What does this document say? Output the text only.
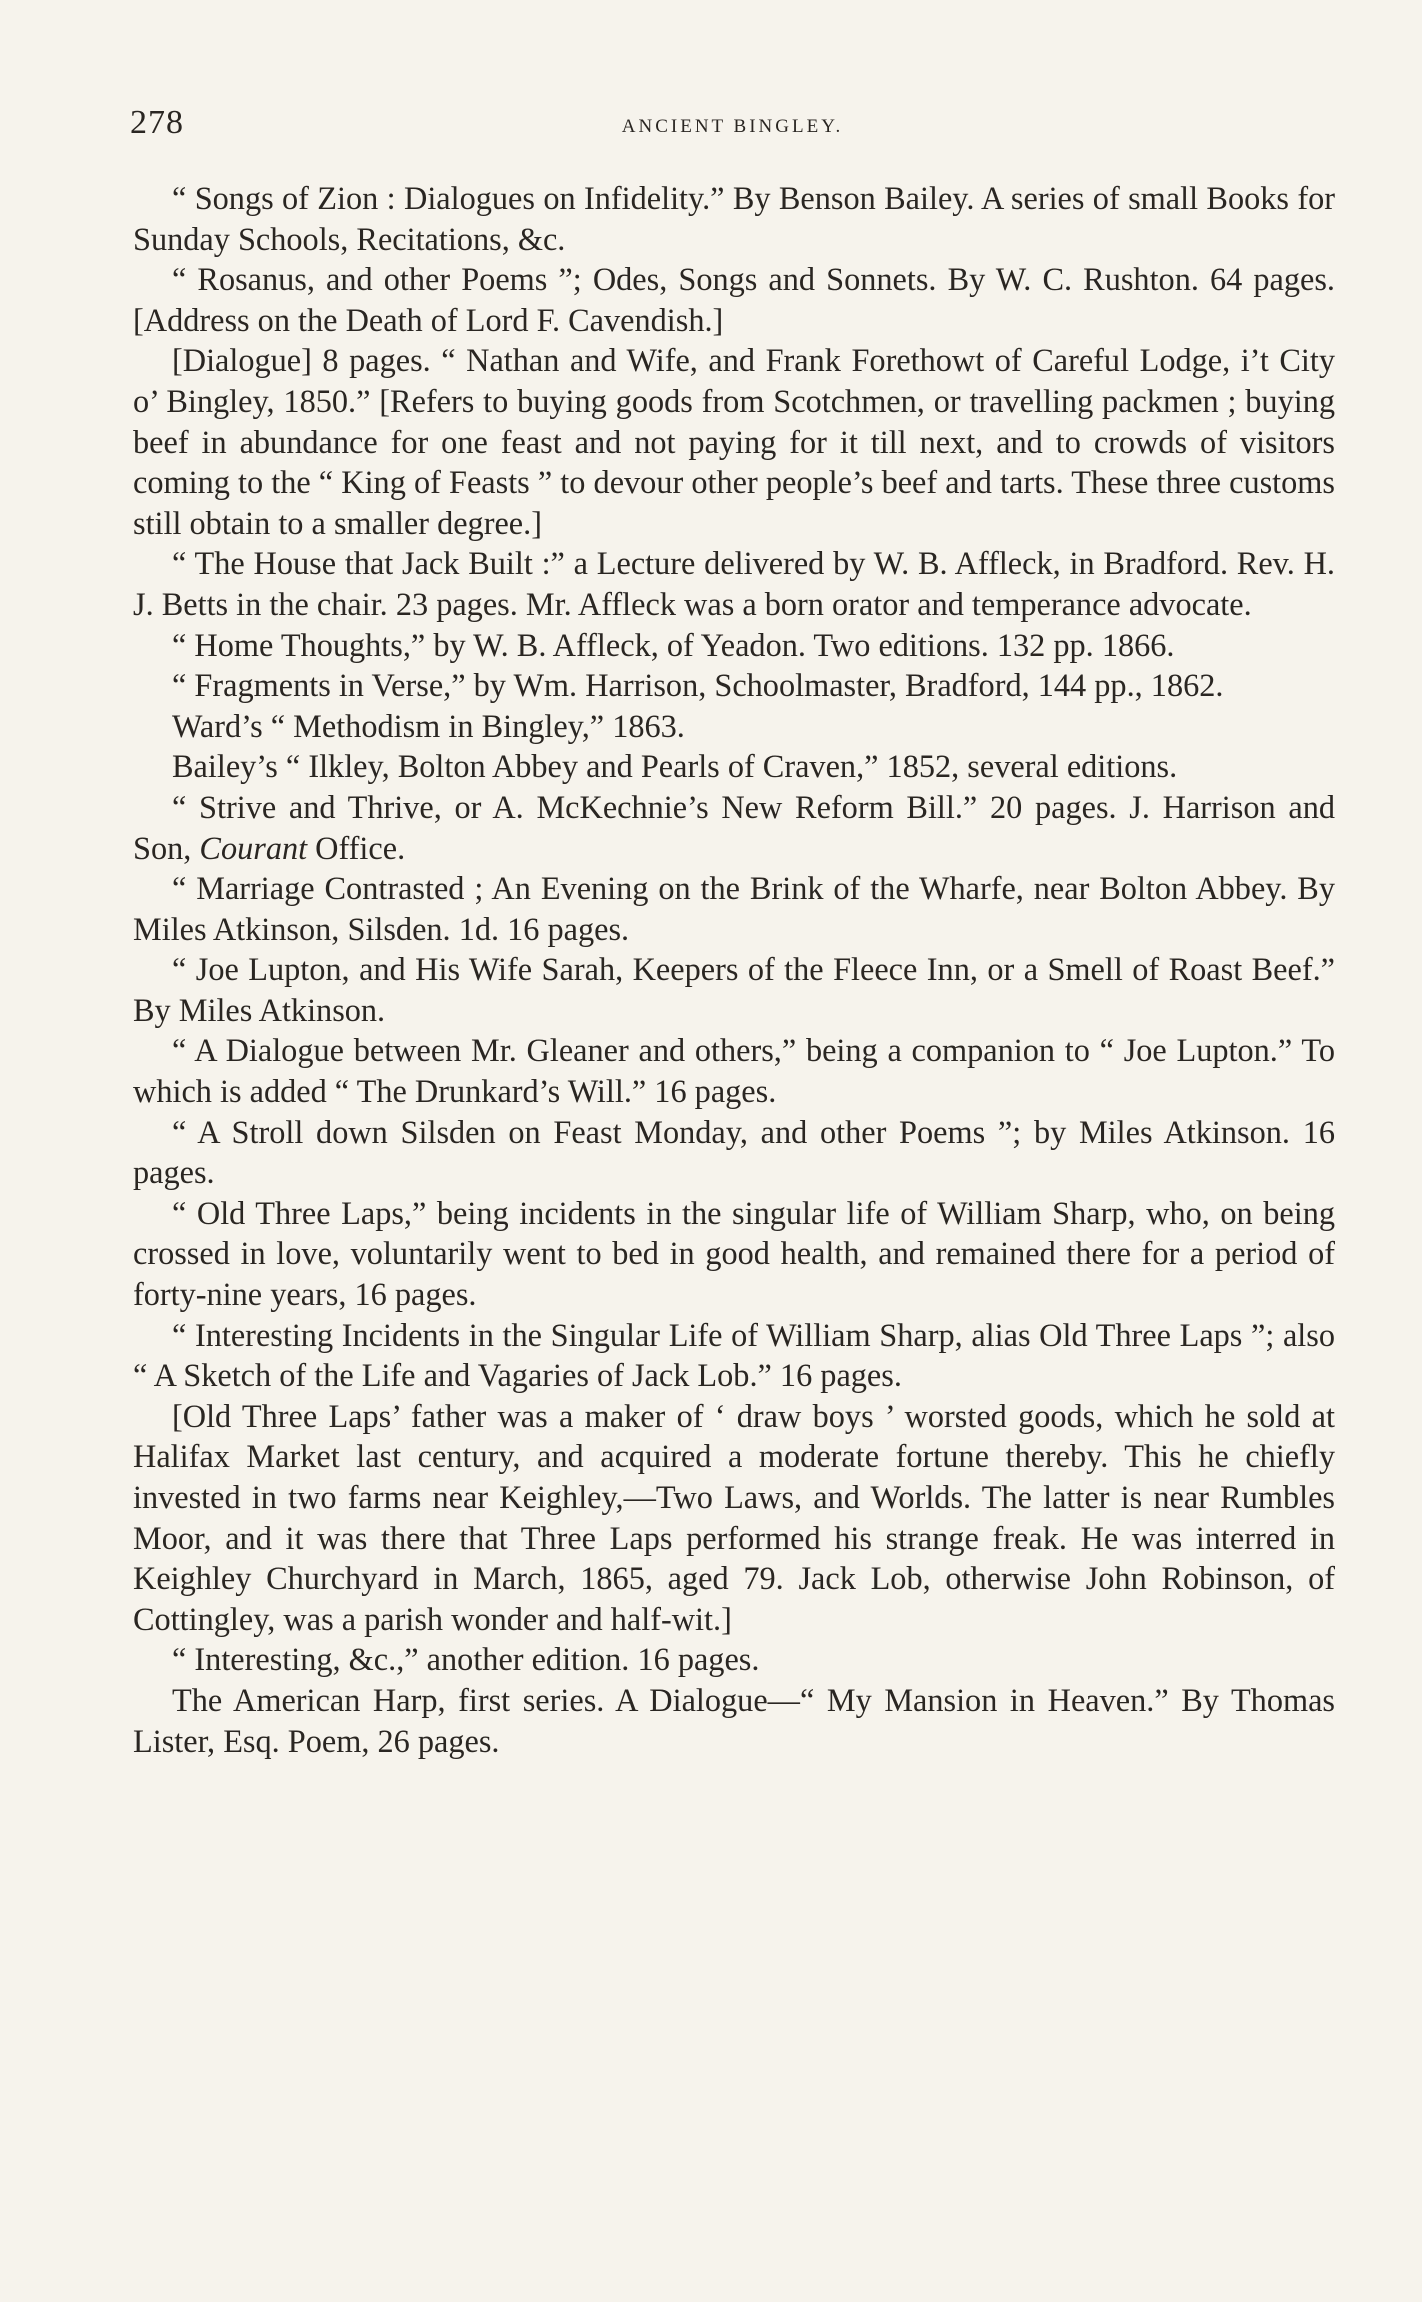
278	ANCIENT BINGLEY.

“ Songs of Zion : Dialogues on Infidelity.” By Benson Bailey. A series of small Books for Sunday Schools, Recitations, &c.

“ Rosanus, and other Poems ”; Odes, Songs and Sonnets. By W. C. Rushton. 64 pages. [Address on the Death of Lord F. Cavendish.]

[Dialogue] 8 pages. “ Nathan and Wife, and Frank Forethowt of Careful Lodge, i’t City o’ Bingley, 1850.” [Refers to buying goods from Scotchmen, or travelling packmen ; buying beef in abundance for one feast and not paying for it till next, and to crowds of visitors coming to the “ King of Feasts ” to devour other people’s beef and tarts. These three customs still obtain to a smaller degree.]

“ The House that Jack Built :” a Lecture delivered by W. B. Affleck, in Bradford. Rev. H. J. Betts in the chair. 23 pages. Mr. Affleck was a born orator and temperance advocate.

“ Home Thoughts,” by W. B. Affleck, of Yeadon. Two editions. 132 pp. 1866.

“ Fragments in Verse,” by Wm. Harrison, Schoolmaster, Bradford, 144 pp., 1862.

Ward’s “ Methodism in Bingley,” 1863.

Bailey’s “ Ilkley, Bolton Abbey and Pearls of Craven,” 1852, several editions.

“ Strive and Thrive, or A. McKechnie’s New Reform Bill.” 20 pages. J. Harrison and Son, Courant Office.

“ Marriage Contrasted ; An Evening on the Brink of the Wharfe, near Bolton Abbey. By Miles Atkinson, Silsden. 1d. 16 pages.

“ Joe Lupton, and His Wife Sarah, Keepers of the Fleece Inn, or a Smell of Roast Beef.” By Miles Atkinson.

“ A Dialogue between Mr. Gleaner and others,” being a companion to “ Joe Lupton.” To which is added “ The Drunkard’s Will.” 16 pages.

“ A Stroll down Silsden on Feast Monday, and other Poems ”; by Miles Atkinson. 16 pages.

“ Old Three Laps,” being incidents in the singular life of William Sharp, who, on being crossed in love, voluntarily went to bed in good health, and remained there for a period of forty-nine years, 16 pages.

“ Interesting Incidents in the Singular Life of William Sharp, alias Old Three Laps ”; also “ A Sketch of the Life and Vagaries of Jack Lob.” 16 pages.

[Old Three Laps’ father was a maker of ‘ draw boys ’ worsted goods, which he sold at Halifax Market last century, and acquired a moderate fortune thereby. This he chiefly invested in two farms near Keighley,—Two Laws, and Worlds. The latter is near Rumbles Moor, and it was there that Three Laps performed his strange freak. He was interred in Keighley Churchyard in March, 1865, aged 79. Jack Lob, otherwise John Robinson, of Cottingley, was a parish wonder and half-wit.]

“ Interesting, &c.,” another edition. 16 pages.

The American Harp, first series. A Dialogue—“ My Mansion in Heaven.” By Thomas Lister, Esq. Poem, 26 pages.
